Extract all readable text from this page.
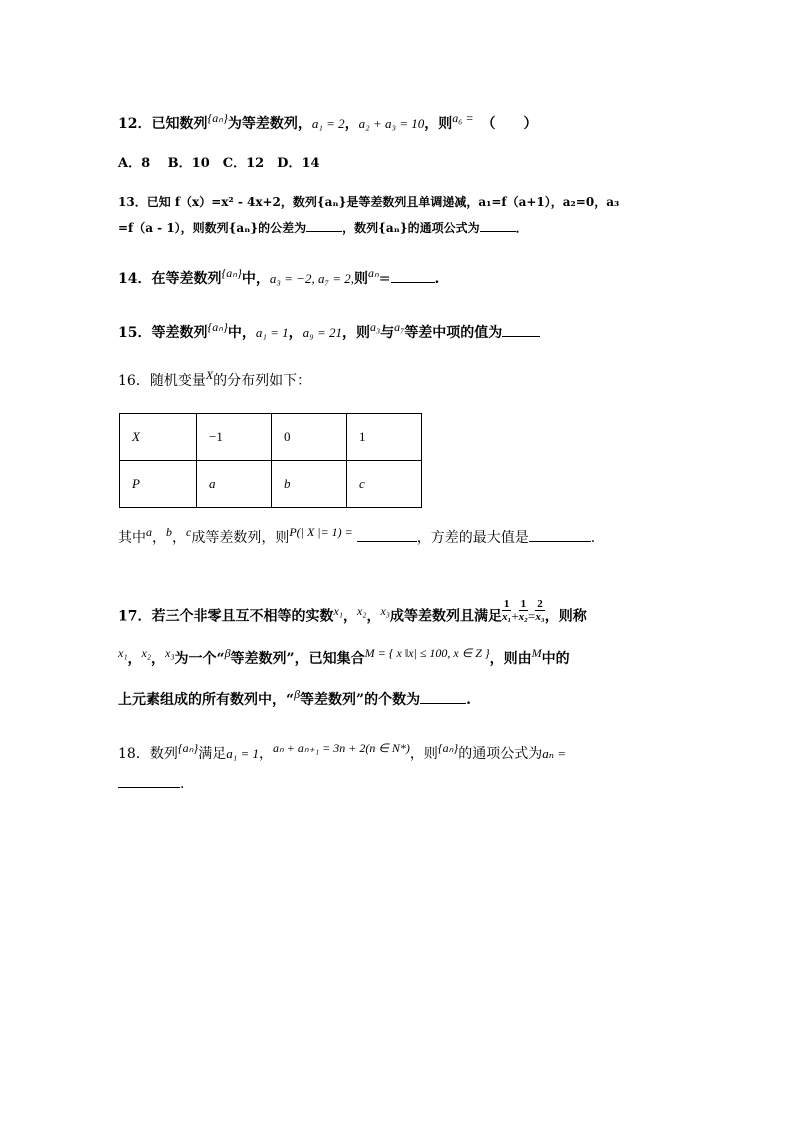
12．已知数列{aₙ}为等差数列，a₁ = 2，a₂ + a₃ = 10，则a₆ = （　　）
A．8　 B．10　C．12　D．14
13．已知 f（x）=x² - 4x+2，数列{aₙ}是等差数列且单调递减，a₁=f（a+1），a₂=0，a₃
=f（a - 1），则数列{aₙ}的公差为	，数列{aₙ}的通项公式为	．
14．在等差数列{aₙ}中，a₃ = −2, a₇ = 2,则aₙ=	.
15．等差数列{aₙ}中，a₁ = 1，a₉ = 21，则a₃与a₇等差中项的值为
16．随机变量X的分布列如下：
X	−1	0	1
P	a	b	c
其中a，b，c成等差数列，则P(| X |= 1) =	，方差的最大值是	.
17．若三个非零且互不相等的实数x₁，x₂，x₃成等差数列且满足 $\frac{1}{\text{x₁}} + \frac{1}{\text{x₂}} = \frac{2}{\text{x₃}}$ ，则称
x₁，x₂，x₃为一个“β等差数列”，已知集合M = { x ‖x| ≤ 100, x ∈ Z }，则由M中的
上元素组成的所有数列中，“β等差数列”的个数为	.
18．数列{aₙ}满足a₁ = 1，aₙ + aₙ₊₁ = 3n + 2(n ∈ N*)，则{aₙ}的通项公式为aₙ =
.
